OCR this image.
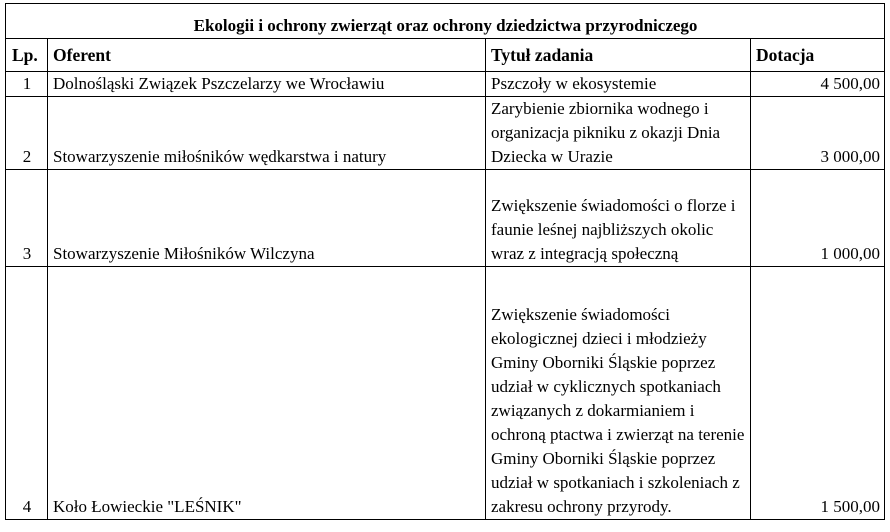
Ekologii i ochrony zwierząt oraz ochrony dziedzictwa przyrodniczego			
Lp.	Oferent	Tytuł zadania	Dotacja
1	Dolnośląski Związek Pszczelarzy we Wrocławiu	Pszczoły w ekosystemie	4 500,00
2	Stowarzyszenie miłośników wędkarstwa i natury	Zarybienie zbiornika wodnego i organizacja pikniku z okazji Dnia Dziecka w Urazie	3 000,00
3	Stowarzyszenie Miłośników Wilczyna	Zwiększenie świadomości o florze i faunie leśnej najbliższych okolic wraz z integracją społeczną	1 000,00
4	Koło Łowieckie "LEŚNIK"	Zwiększenie świadomości ekologicznej dzieci i młodzieży Gminy Oborniki Śląskie poprzez udział w cyklicznych spotkaniach związanych z dokarmianiem i ochroną ptactwa i zwierząt na terenie Gminy Oborniki Śląskie poprzez udział w spotkaniach i szkoleniach z zakresu ochrony przyrody.	1 500,00
